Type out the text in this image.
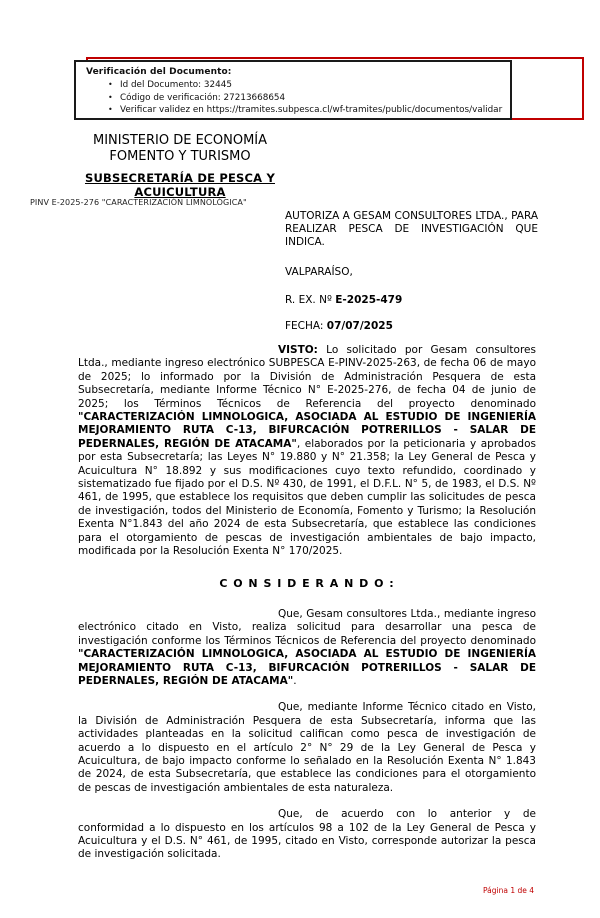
Verificación del Documento:
• Id del Documento: 32445
• Código de verificación: 27213668654
• Verificar validez en https://tramites.subpesca.cl/wf-tramites/public/documentos/validar
MINISTERIO DE ECONOMÍA
FOMENTO Y TURISMO
SUBSECRETARÍA DE PESCA Y ACUICULTURA
PINV E-2025-276 "CARACTERIZACIÓN LIMNOLÓGICA"

AUTORIZA A GESAM CONSULTORES LTDA., PARA REALIZAR PESCA DE INVESTIGACIÓN QUE INDICA.

VALPARAÍSO,

R. EX. Nº E-2025-479

FECHA: 07/07/2025

VISTO: Lo solicitado por Gesam consultores Ltda., mediante ingreso electrónico SUBPESCA E-PINV-2025-263, de fecha 06 de mayo de 2025; lo informado por la División de Administración Pesquera de esta Subsecretaría, mediante Informe Técnico N° E-2025-276, de fecha 04 de junio de 2025; los Términos Técnicos de Referencia del proyecto denominado "CARACTERIZACIÓN LIMNOLOGICA, ASOCIADA AL ESTUDIO DE INGENIERÍA MEJORAMIENTO RUTA C-13, BIFURCACIÓN POTRERILLOS - SALAR DE PEDERNALES, REGIÓN DE ATACAMA", elaborados por la peticionaria y aprobados por esta Subsecretaría; las Leyes N° 19.880 y N° 21.358; la Ley General de Pesca y Acuicultura N° 18.892 y sus modificaciones cuyo texto refundido, coordinado y sistematizado fue fijado por el D.S. Nº 430, de 1991, el D.F.L. N° 5, de 1983, el D.S. Nº 461, de 1995, que establece los requisitos que deben cumplir las solicitudes de pesca de investigación, todos del Ministerio de Economía, Fomento y Turismo; la Resolución Exenta N°1.843 del año 2024 de esta Subsecretaría, que establece las condiciones para el otorgamiento de pescas de investigación ambientales de bajo impacto, modificada por la Resolución Exenta N° 170/2025.

C O N S I D E R A N D O :

Que, Gesam consultores Ltda., mediante ingreso electrónico citado en Visto, realiza solicitud para desarrollar una pesca de investigación conforme los Términos Técnicos de Referencia del proyecto denominado "CARACTERIZACIÓN LIMNOLOGICA, ASOCIADA AL ESTUDIO DE INGENIERÍA MEJORAMIENTO RUTA C-13, BIFURCACIÓN POTRERILLOS - SALAR DE PEDERNALES, REGIÓN DE ATACAMA".

Que, mediante Informe Técnico citado en Visto, la División de Administración Pesquera de esta Subsecretaría, informa que las actividades planteadas en la solicitud califican como pesca de investigación de acuerdo a lo dispuesto en el artículo 2° N° 29 de la Ley General de Pesca y Acuicultura, de bajo impacto conforme lo señalado en la Resolución Exenta N° 1.843 de 2024, de esta Subsecretaría, que establece las condiciones para el otorgamiento de pescas de investigación ambientales de esta naturaleza.

Que, de acuerdo con lo anterior y de conformidad a lo dispuesto en los artículos 98 a 102 de la Ley General de Pesca y Acuicultura y el D.S. N° 461, de 1995, citado en Visto, corresponde autorizar la pesca de investigación solicitada.

Página 1 de 4
